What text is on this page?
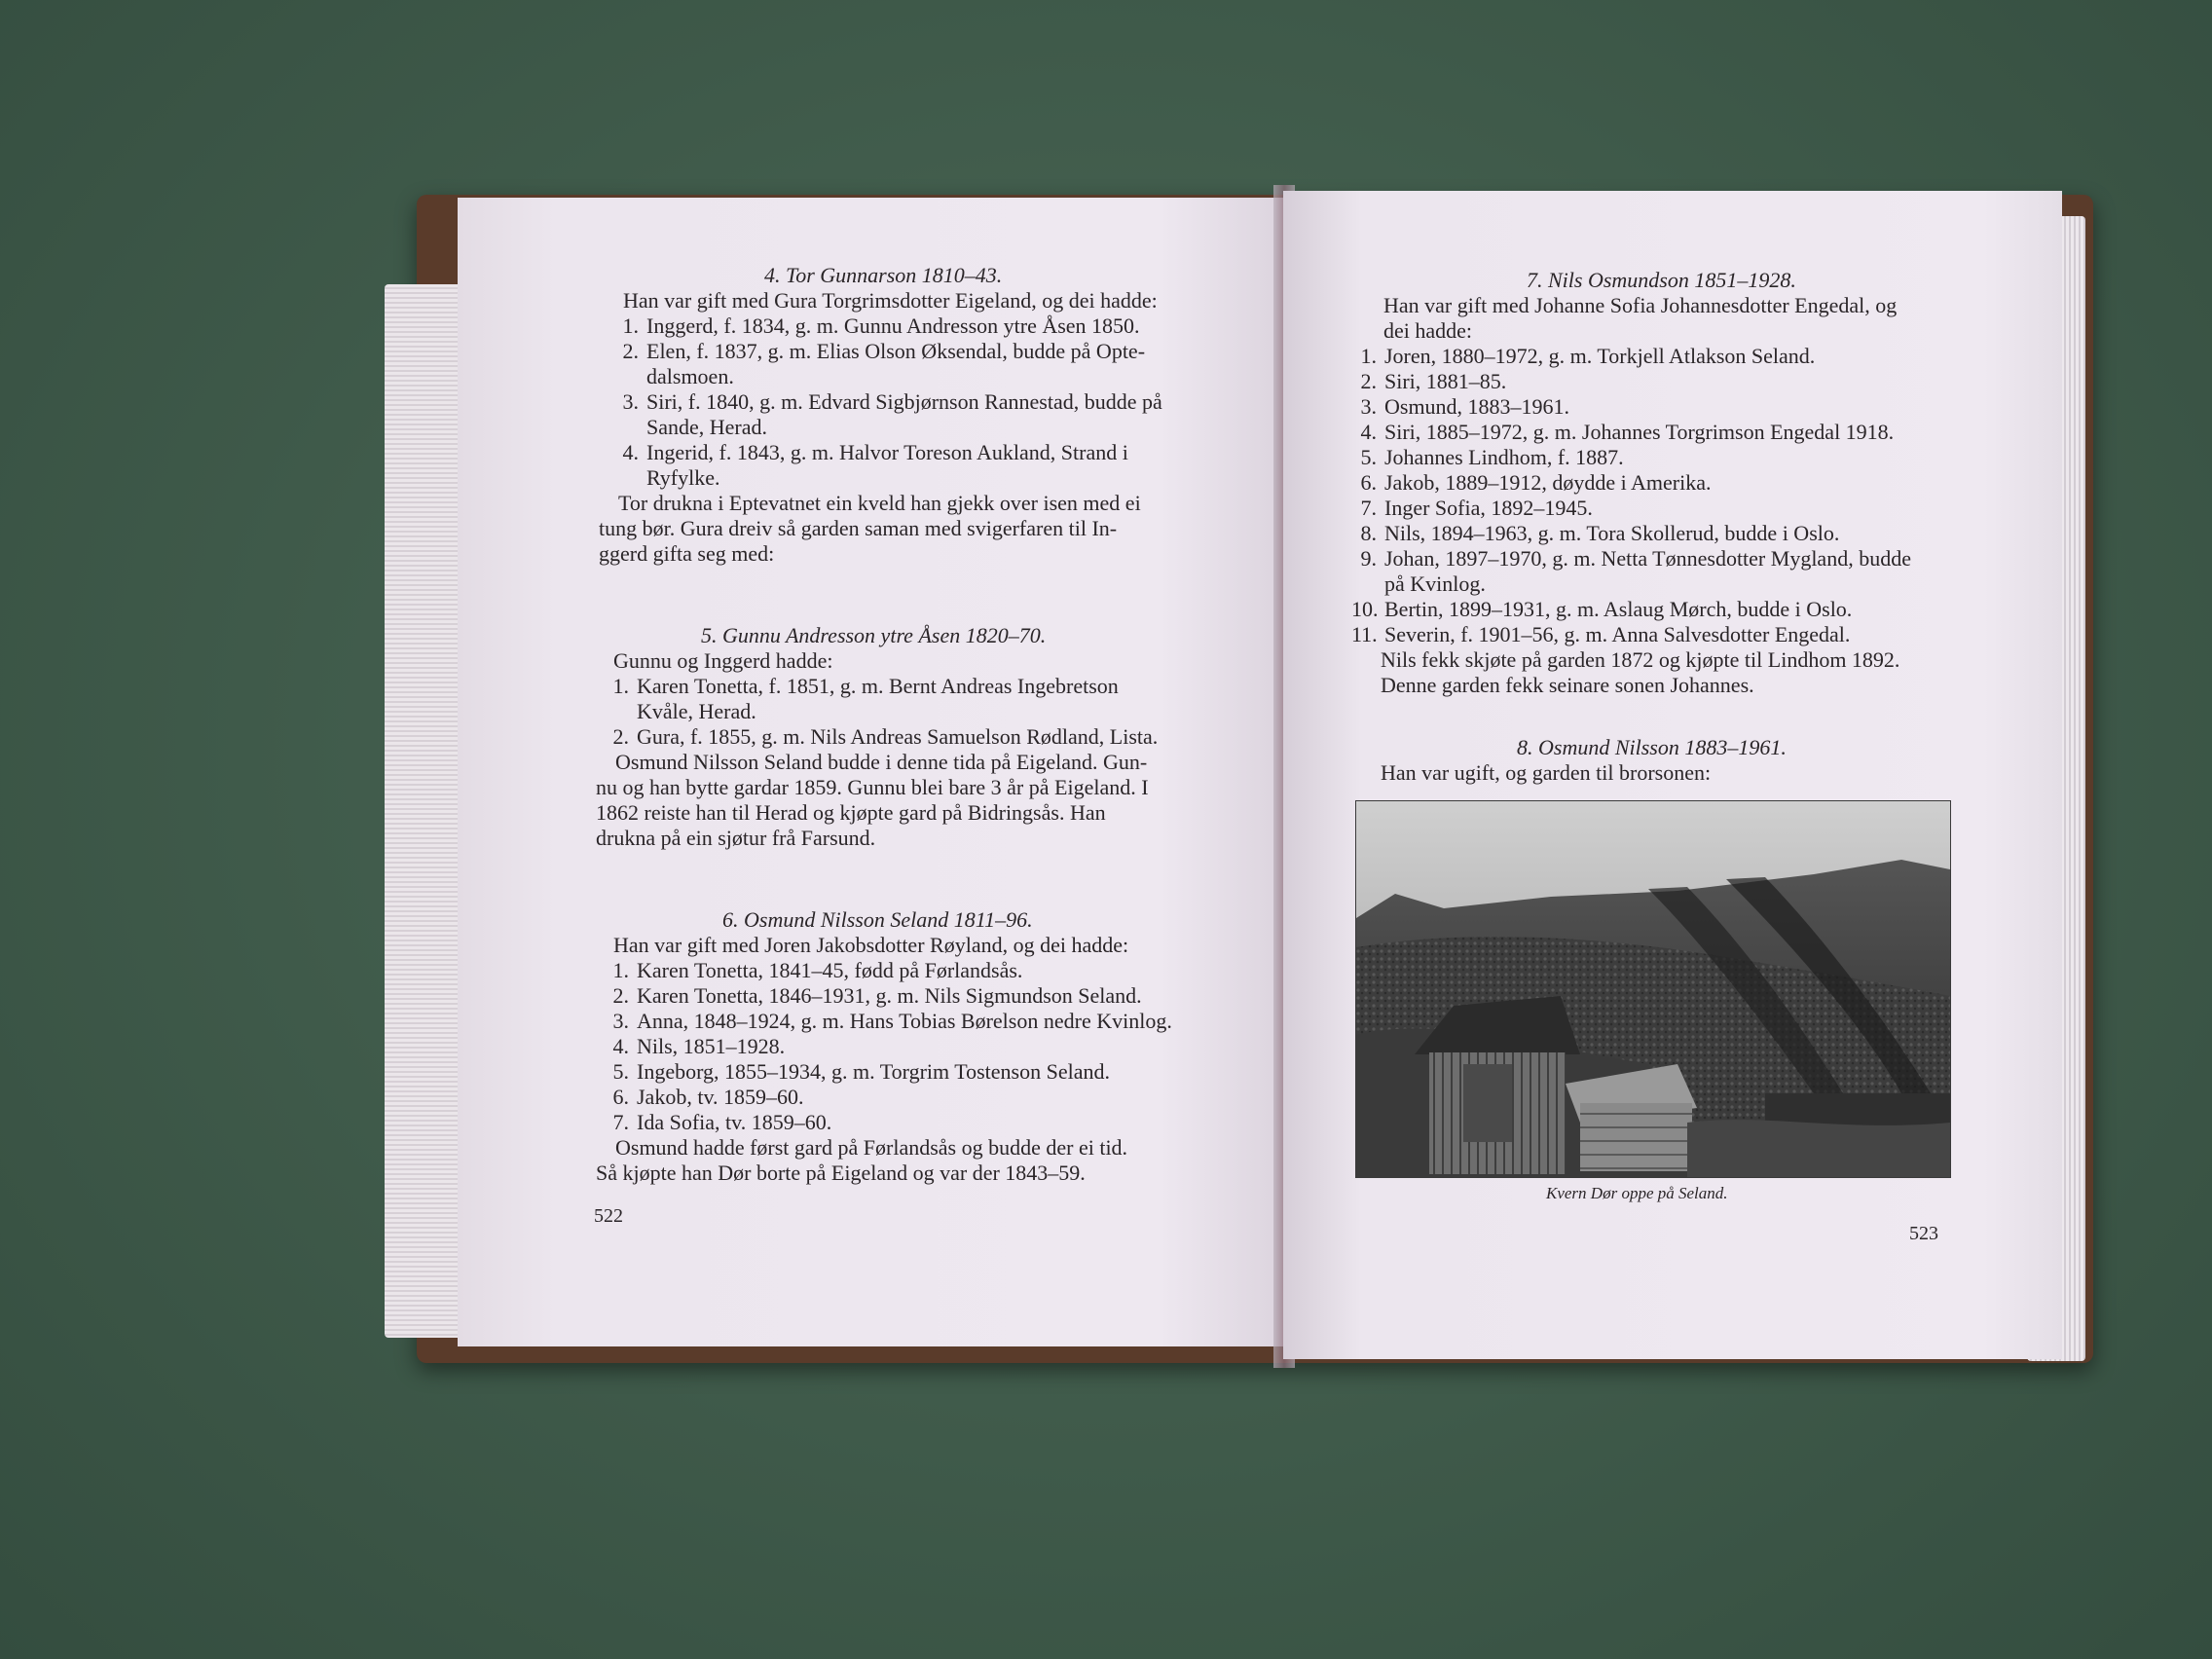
4. Tor Gunnarson 1810–43.
Han var gift med Gura Torgrimsdotter Eigeland, og dei hadde:
1. Inggerd, f. 1834, g. m. Gunnu Andresson ytre Åsen 1850.
2. Elen, f. 1837, g. m. Elias Olson Øksendal, budde på Opte-
dalsmoen.
3. Siri, f. 1840, g. m. Edvard Sigbjørnson Rannestad, budde på
Sande, Herad.
4. Ingerid, f. 1843, g. m. Halvor Toreson Aukland, Strand i
Ryfylke.
Tor drukna i Eptevatnet ein kveld han gjekk over isen med ei
tung bør. Gura dreiv så garden saman med svigerfaren til In-
ggerd gifta seg med:
5. Gunnu Andresson ytre Åsen 1820–70.
Gunnu og Inggerd hadde:
1. Karen Tonetta, f. 1851, g. m. Bernt Andreas Ingebretson
Kvåle, Herad.
2. Gura, f. 1855, g. m. Nils Andreas Samuelson Rødland, Lista.
Osmund Nilsson Seland budde i denne tida på Eigeland. Gun-
nu og han bytte gardar 1859. Gunnu blei bare 3 år på Eigeland. I
1862 reiste han til Herad og kjøpte gard på Bidringsås. Han
drukna på ein sjøtur frå Farsund.
6. Osmund Nilsson Seland 1811–96.
Han var gift med Joren Jakobsdotter Røyland, og dei hadde:
1. Karen Tonetta, 1841–45, fødd på Førlandsås.
2. Karen Tonetta, 1846–1931, g. m. Nils Sigmundson Seland.
3. Anna, 1848–1924, g. m. Hans Tobias Børelson nedre Kvinlog.
4. Nils, 1851–1928.
5. Ingeborg, 1855–1934, g. m. Torgrim Tostenson Seland.
6. Jakob, tv. 1859–60.
7. Ida Sofia, tv. 1859–60.
Osmund hadde først gard på Førlandsås og budde der ei tid.
Så kjøpte han Dør borte på Eigeland og var der 1843–59.
522
7. Nils Osmundson 1851–1928.
Han var gift med Johanne Sofia Johannesdotter Engedal, og
dei hadde:
1. Joren, 1880–1972, g. m. Torkjell Atlakson Seland.
2. Siri, 1881–85.
3. Osmund, 1883–1961.
4. Siri, 1885–1972, g. m. Johannes Torgrimson Engedal 1918.
5. Johannes Lindhom, f. 1887.
6. Jakob, 1889–1912, døydde i Amerika.
7. Inger Sofia, 1892–1945.
8. Nils, 1894–1963, g. m. Tora Skollerud, budde i Oslo.
9. Johan, 1897–1970, g. m. Netta Tønnesdotter Mygland, budde
på Kvinlog.
10. Bertin, 1899–1931, g. m. Aslaug Mørch, budde i Oslo.
11. Severin, f. 1901–56, g. m. Anna Salvesdotter Engedal.
Nils fekk skjøte på garden 1872 og kjøpte til Lindhom 1892.
Denne garden fekk seinare sonen Johannes.
8. Osmund Nilsson 1883–1961.
Han var ugift, og garden til brorsonen:
Kvern Dør oppe på Seland.
523
